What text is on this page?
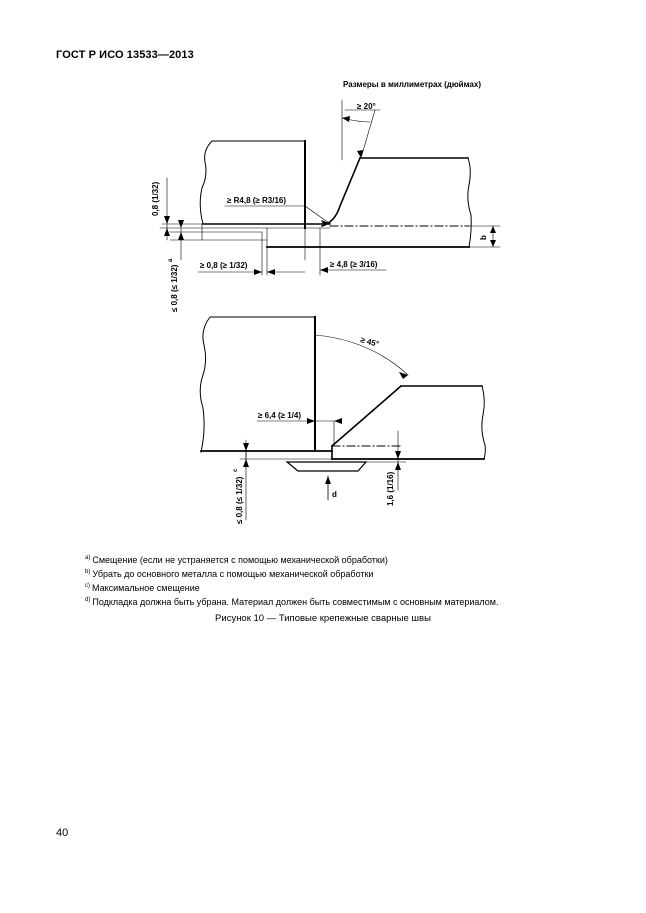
ГОСТ Р ИСО 13533—2013
Размеры в миллиметрах (дюймах)
≥ 20°
≥ R4,8 (≥ R3/16)
0,8 (1/32)
b
≥ 0,8 (≥ 1/32)	≥ 4,8 (≥ 3/16)
≤ 0,8 (≤ 1/32)
a
≥ 45°
≥ 6,4 (≥ 1/4)
≤ 0,8 (≤ 1/32)
c
d	1,6 (1/16)
$^{a)}$ Смещение (если не устраняется с помощью механической обработки)
$^{b)}$ Убрать до основного металла с помощью механической обработки
$^{c)}$ Максимальное смещение
$^{d)}$ Подкладка должна быть убрана. Материал должен быть совместимым с основным материалом.
Рисунок 10 — Типовые крепежные сварные швы
40
